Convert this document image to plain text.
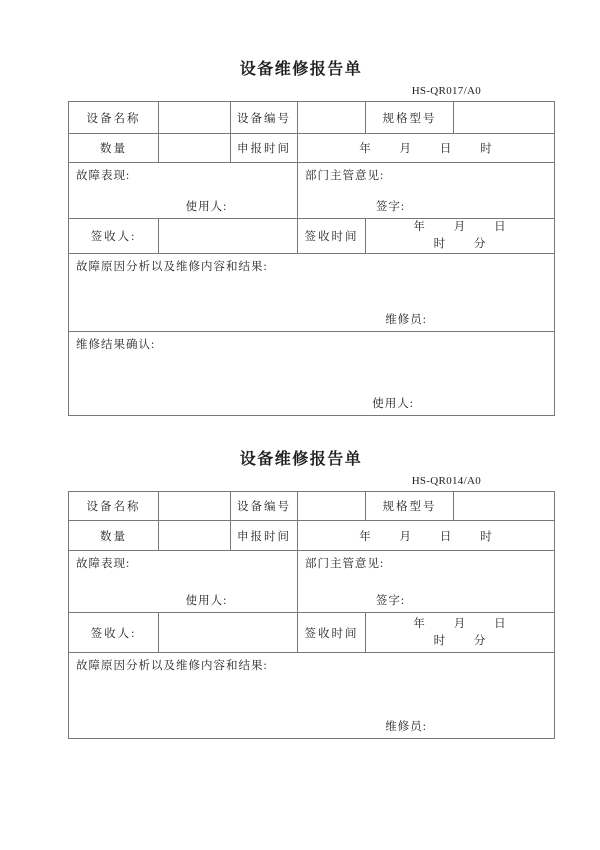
设备维修报告单
HS-QR017/A0
设备名称		设备编号		规格型号	
数量		申报时间	年 月 日 时		

故障表现:
使用人:

部门主管意见:
签字:

签收人:			签收时间	年 月 日
时 分	

故障原因分析以及维修内容和结果:
维修员:					

维修结果确认:
使用人:					
设备维修报告单
HS-QR014/A0
设备名称		设备编号		规格型号	
数量		申报时间	年 月 日 时		

故障表现:
使用人:

部门主管意见:
签字:

签收人:			签收时间	年 月 日
时 分	

故障原因分析以及维修内容和结果:
维修员:					
